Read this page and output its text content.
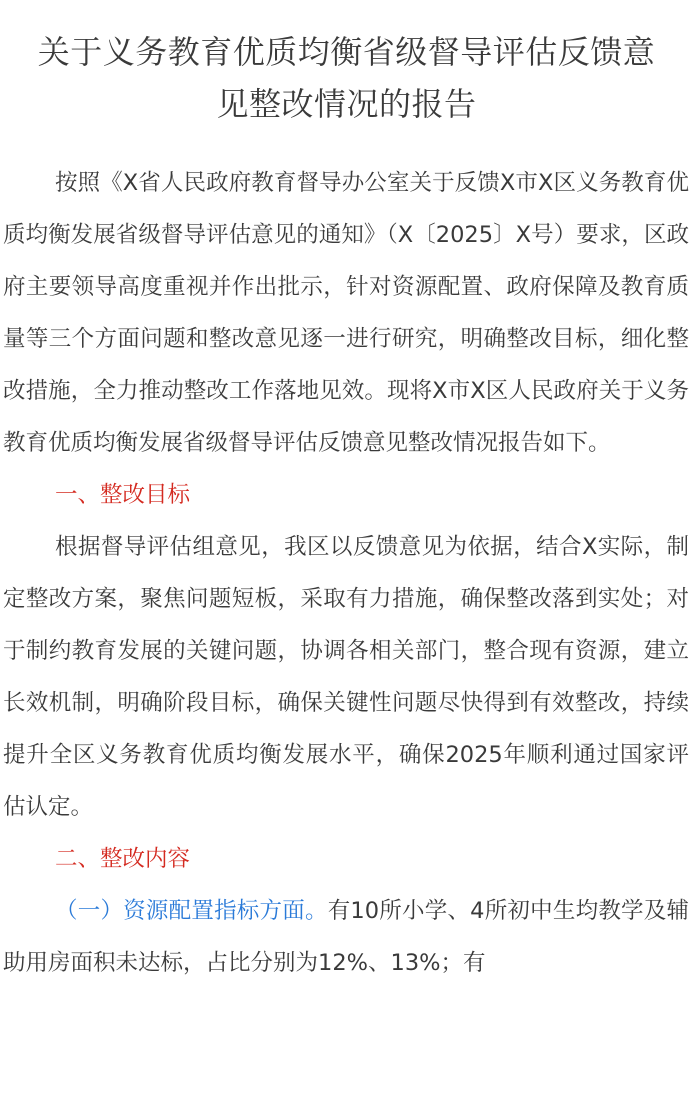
关于义务教育优质均衡省级督导评估反馈意
见整改情况的报告

按照《X省人民政府教育督导办公室关于反馈X市X区义务教育优质均衡发展省级督导评估意见的通知》（X〔2025〕X号）要求，区政府主要领导高度重视并作出批示，针对资源配置、政府保障及教育质量等三个方面问题和整改意见逐一进行研究，明确整改目标，细化整改措施，全力推动整改工作落地见效。现将X市X区人民政府关于义务教育优质均衡发展省级督导评估反馈意见整改情况报告如下。

一、整改目标

根据督导评估组意见，我区以反馈意见为依据，结合X实际，制定整改方案，聚焦问题短板，采取有力措施，确保整改落到实处；对于制约教育发展的关键问题，协调各相关部门，整合现有资源，建立长效机制，明确阶段目标，确保关键性问题尽快得到有效整改，持续提升全区义务教育优质均衡发展水平，确保2025年顺利通过国家评估认定。

二、整改内容

（一）资源配置指标方面。有10所小学、4所初中生均教学及辅助用房面积未达标，占比分别为12%、13%；有
